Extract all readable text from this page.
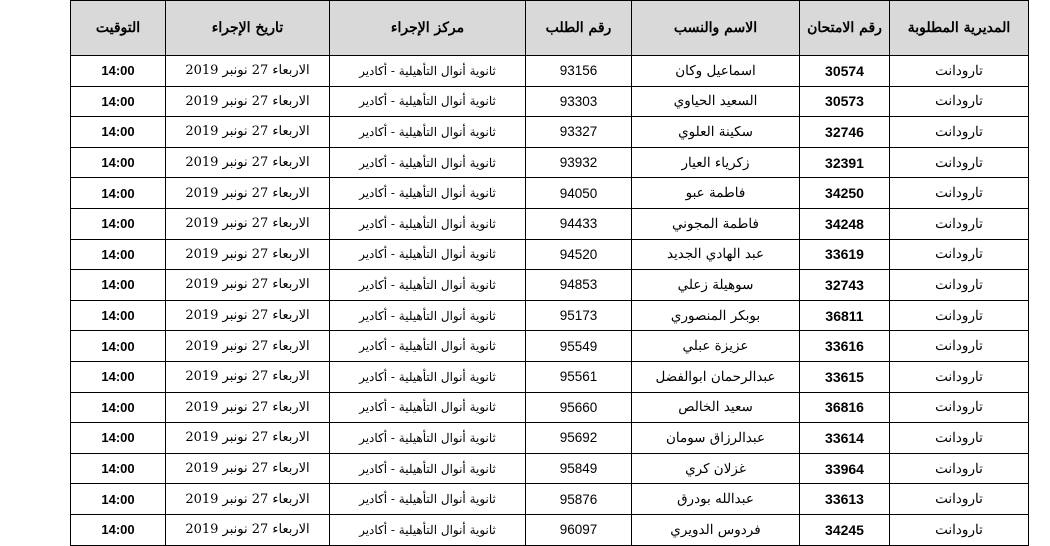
التوقيت	تاريخ الإجراء	مركز الإجراء	رقم الطلب	الاسم والنسب	رقم الامتحان	المديرية المطلوبة
14:00	الاربعاء 27 نونبر 2019	ثانوية أنوال التأهيلية - أكادير	93156	اسماعيل وكان	30574	تارودانت
14:00	الاربعاء 27 نونبر 2019	ثانوية أنوال التأهيلية - أكادير	93303	السعيد الحياوي	30573	تارودانت
14:00	الاربعاء 27 نونبر 2019	ثانوية أنوال التأهيلية - أكادير	93327	سكينة العلوي	32746	تارودانت
14:00	الاربعاء 27 نونبر 2019	ثانوية أنوال التأهيلية - أكادير	93932	زكرياء العيار	32391	تارودانت
14:00	الاربعاء 27 نونبر 2019	ثانوية أنوال التأهيلية - أكادير	94050	فاطمة عبو	34250	تارودانت
14:00	الاربعاء 27 نونبر 2019	ثانوية أنوال التأهيلية - أكادير	94433	فاطمة المجوني	34248	تارودانت
14:00	الاربعاء 27 نونبر 2019	ثانوية أنوال التأهيلية - أكادير	94520	عبد الهادي الجديد	33619	تارودانت
14:00	الاربعاء 27 نونبر 2019	ثانوية أنوال التأهيلية - أكادير	94853	سوهيلة زعلي	32743	تارودانت
14:00	الاربعاء 27 نونبر 2019	ثانوية أنوال التأهيلية - أكادير	95173	بوبكر المنصوري	36811	تارودانت
14:00	الاربعاء 27 نونبر 2019	ثانوية أنوال التأهيلية - أكادير	95549	عزيزة عبلي	33616	تارودانت
14:00	الاربعاء 27 نونبر 2019	ثانوية أنوال التأهيلية - أكادير	95561	عبدالرحمان ابوالفضل	33615	تارودانت
14:00	الاربعاء 27 نونبر 2019	ثانوية أنوال التأهيلية - أكادير	95660	سعيد الخالص	36816	تارودانت
14:00	الاربعاء 27 نونبر 2019	ثانوية أنوال التأهيلية - أكادير	95692	عبدالرزاق سومان	33614	تارودانت
14:00	الاربعاء 27 نونبر 2019	ثانوية أنوال التأهيلية - أكادير	95849	غزلان كري	33964	تارودانت
14:00	الاربعاء 27 نونبر 2019	ثانوية أنوال التأهيلية - أكادير	95876	عبدالله بودرق	33613	تارودانت
14:00	الاربعاء 27 نونبر 2019	ثانوية أنوال التأهيلية - أكادير	96097	فردوس الدويري	34245	تارودانت
